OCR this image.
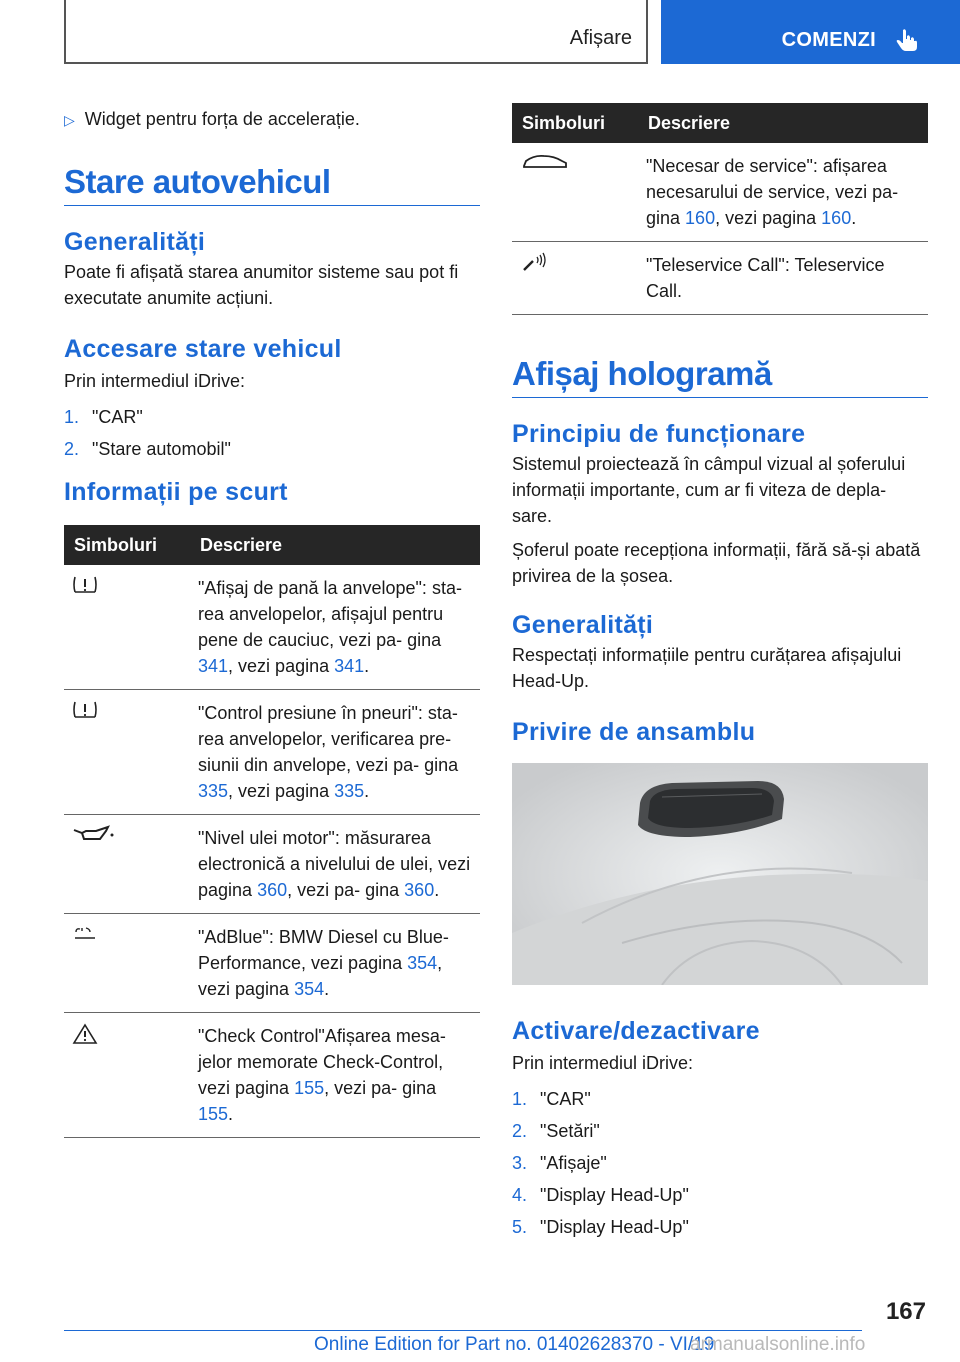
Afișare	COMENZI
▷ Widget pentru forța de accelerație.
Stare autovehicul
Generalități

Poate fi afișată starea anumitor sisteme sau pot fi executate anumite acțiuni.

Accesare stare vehicul

Prin intermediul iDrive:

1. "CAR"
2. "Stare automobil"
Informații pe scurt
Simboluri	Descriere
	"Afișaj de pană la anvelope": sta- rea anvelopelor, afișajul pentru pene de cauciuc, vezi pa- gina 341, vezi pagina 341.
	"Control presiune în pneuri": sta- rea anvelopelor, verificarea pre- siunii din anvelope, vezi pa- gina 335, vezi pagina 335.
	"Nivel ulei motor": măsurarea electronică a nivelului de ulei, vezi pagina 360, vezi pa- gina 360.
	"AdBlue": BMW Diesel cu Blue- Performance, vezi pagina 354, vezi pagina 354.
	"Check Control"Afișarea mesa- jelor memorate Check-Control, vezi pagina 155, vezi pa- gina 155.
Simboluri	Descriere
	"Necesar de service": afișarea necesarului de service, vezi pa- gina 160, vezi pagina 160.
	"Teleservice Call": Teleservice Call.
Afișaj hologramă
Principiu de funcționare

Sistemul proiectează în câmpul vizual al șoferului informații importante, cum ar fi viteza de depla- sare.

Șoferul poate recepționa informații, fără să-și abată privirea de la șosea.

Generalități

Respectați informațiile pentru curățarea afișajului Head-Up.

Privire de ansamblu
Activare/dezactivare

Prin intermediul iDrive:

1. "CAR"
2. "Setări"
3. "Afișaje"
4. "Display Head-Up"
5. "Display Head-Up"
167
Online Edition for Part no. 01402628370 - VI/19
armanualsonline.info
